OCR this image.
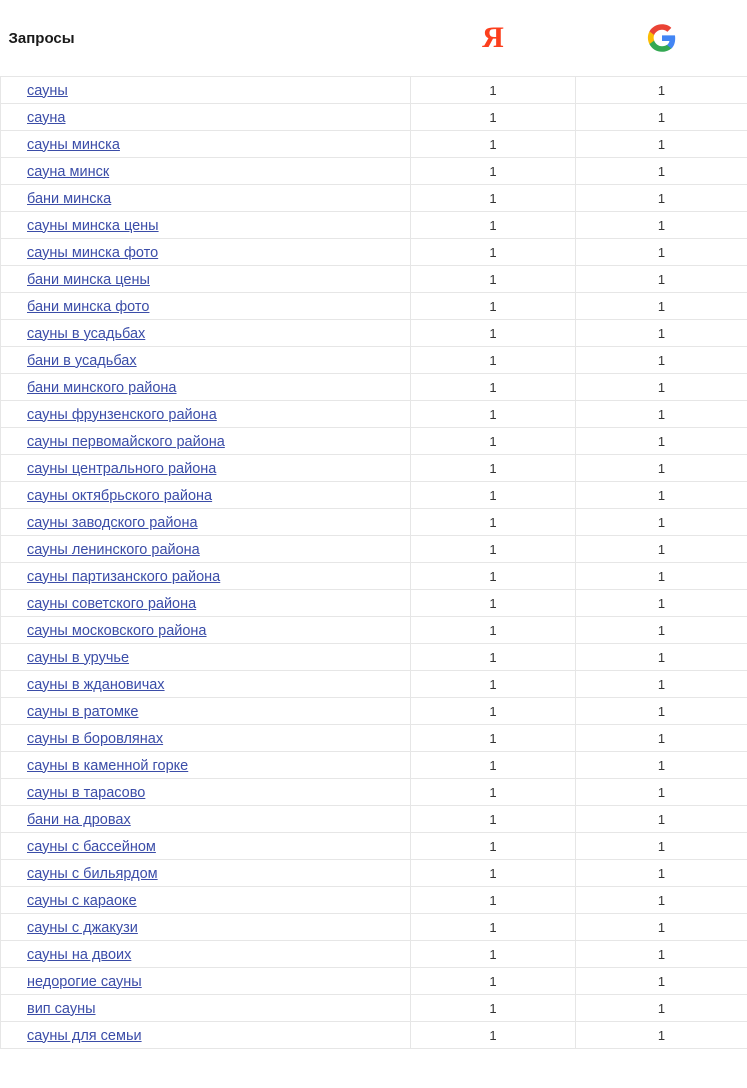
Запросы	Я

сауны	1	1
сауна	1	1
сауны минска	1	1
сауна минск	1	1
бани минска	1	1
сауны минска цены	1	1
сауны минска фото	1	1
бани минска цены	1	1
бани минска фото	1	1
сауны в усадьбах	1	1
бани в усадьбах	1	1
бани минского района	1	1
сауны фрунзенского района	1	1
сауны первомайского района	1	1
сауны центрального района	1	1
сауны октябрьского района	1	1
сауны заводского района	1	1
сауны ленинского района	1	1
сауны партизанского района	1	1
сауны советского района	1	1
сауны московского района	1	1
сауны в уручье	1	1
сауны в ждановичах	1	1
сауны в ратомке	1	1
сауны в боровлянах	1	1
сауны в каменной горке	1	1
сауны в тарасово	1	1
бани на дровах	1	1
сауны с бассейном	1	1
сауны с бильярдом	1	1
сауны с караоке	1	1
сауны с джакузи	1	1
сауны на двоих	1	1
недорогие сауны	1	1
вип сауны	1	1
сауны для семьи	1	1
